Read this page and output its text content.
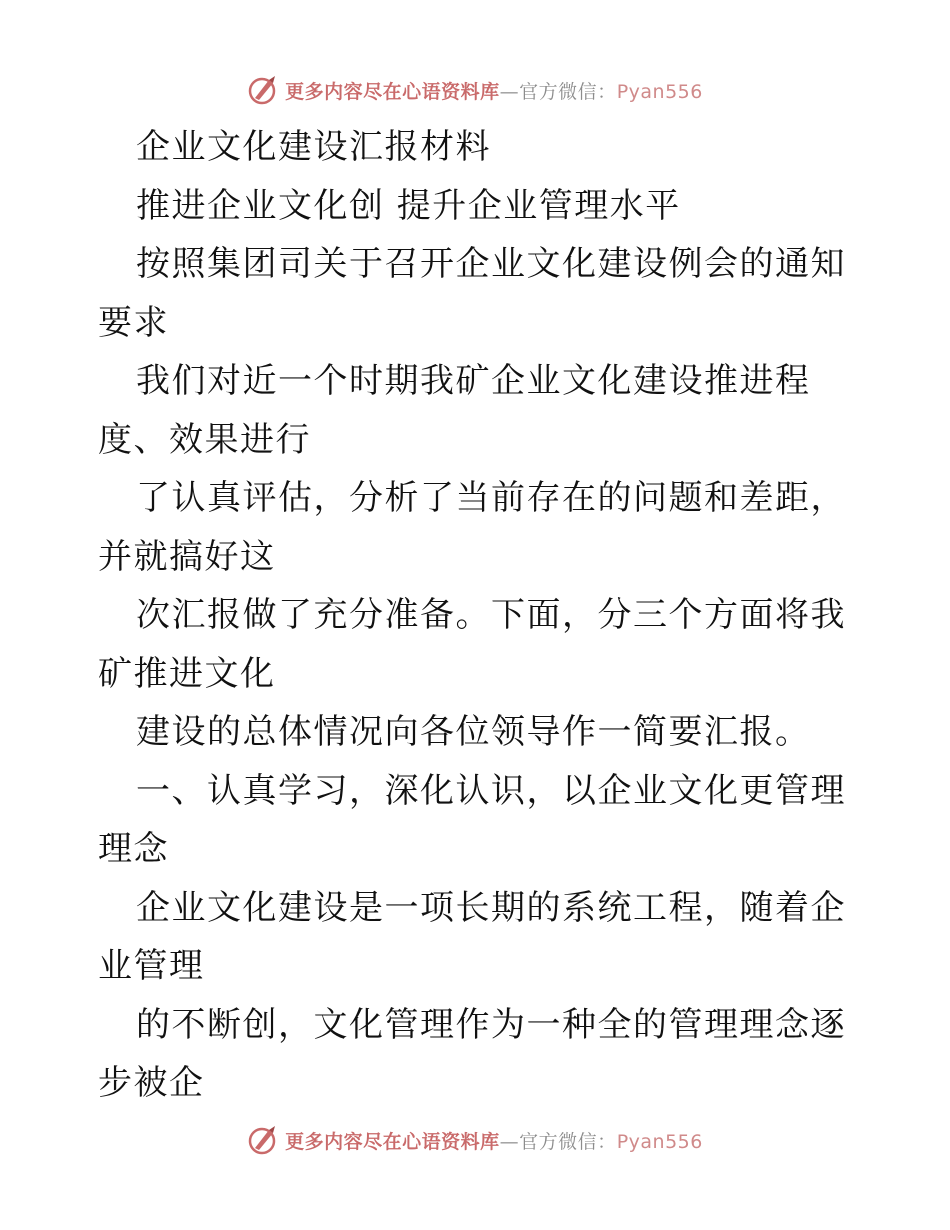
更多内容尽在心语资料库—官方微信：Pyan556

企业文化建设汇报材料

推进企业文化创 提升企业管理水平

按照集团司关于召开企业文化建设例会的通知要求

我们对近一个时期我矿企业文化建设推进程度、效果进行

了认真评估，分析了当前存在的问题和差距，并就搞好这

次汇报做了充分准备。下面，分三个方面将我矿推进文化

建设的总体情况向各位领导作一简要汇报。

一、认真学习，深化认识，以企业文化更管理理念

企业文化建设是一项长期的系统工程，随着企业管理

的不断创，文化管理作为一种全的管理理念逐步被企

更多内容尽在心语资料库—官方微信：Pyan556
